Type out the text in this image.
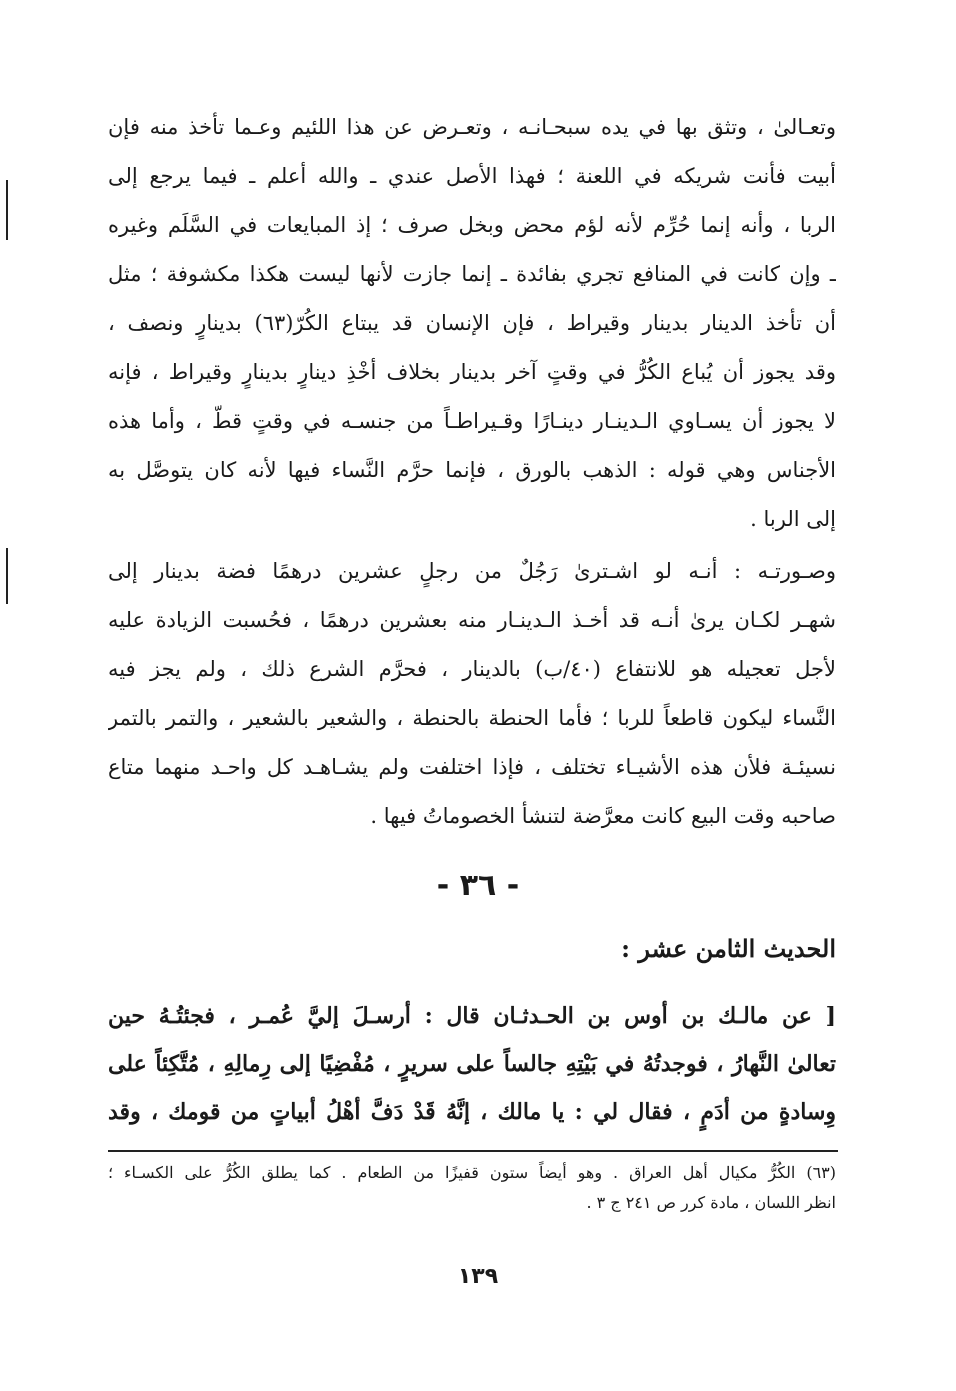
وتعـالىٰ ، وتثق بها في يده سبحـانـه ، وتعـرض عن هذا اللئيم وعـما تأخذ منه فإن
أبيت فأنت شريكه في اللعنة ؛ فهذا الأصل عندي ـ والله أعلم ـ فيما يرجع إلى
الربا ، وأنه إنما حُرِّم لأنه لؤم محض وبخل صرف ؛ إذ المبايعات في السَّلَم وغيره
ـ وإن كانت في المنافع تجري بفائدة ـ إنما جازت لأنها ليست هكذا مكشوفة ؛ مثل
أن تأخذ الدينار بدينار وقيراط ، فإن الإنسان قد يبتاع الكُرّ(٦٣) بدينارٍ ونصف ،
وقد يجوز أن يُباع الكُرُّ في وقتٍ آخر بدينار بخلاف أخْذِ دينارٍ بدينارٍ وقيراط ، فإنه
لا يجوز أن يسـاوي الـدينـار دينـارًا وقـيراطـاً من جنسـه في وقتٍ قطّ ، وأما هذه
الأجناس وهي قوله : الذهب بالورق ، فإنما حرَّم النَّساء فيها لأنه كان يتوصَّل به
إلى الربا .
وصـورتـه : أنـه لو اشـترىٰ رَجُلٌ من رجلٍ عشرين درهمًا فضة بدينار إلى
شهـر لكـان يرىٰ أنـه قد أخـذ الـدينـار منه بعشرين درهمًا ، فحُسبت الزيادة عليه
لأجل تعجيله هو للانتفاع (٤٠/ب) بالدينار ، فحرَّم الشرع ذلك ، ولم يجز فيه
النَّساء ليكون قاطعاً للربا ؛ فأما الحنطة بالحنطة ، والشعير بالشعير ، والتمر بالتمر
نسيئـة فلأن هذه الأشيـاء تختلف ، فإذا اختلفت ولم يشـاهـد كل واحـد منهما متاع
صاحبه وقت البيع كانت معرَّضة لتنشأ الخصوماتُ فيها .
- ٣٦ -
الحديث الثامن عشر :
[ عن مالـك بن أوس بن الحـدثـان قال : أرسـلَ إليَّ عُمـر ، فجئتُـهُ حين
تعالىٰ النَّهارُ ، فوجدتُهُ في بَيْتِهِ جالساً على سريرٍ ، مُفْضِيًا إلى رِمالِهِ ، مُتَّكِئاً على
وِسادةٍ من أدَمٍ ، فقال لي : يا مالك ، إنَّهُ قَدْ دَفَّ أهْلُ أبياتٍ من قومك ، وقد
(٦٣) الكُرُّ مكيال أهل العراق . وهو أيضاً ستون قفيزًا من الطعام . كما يطلق الكُرُّ على الكسـاء ؛
انظر اللسان ، مادة كرر ص ٢٤١ ج ٣ .
١٣٩
